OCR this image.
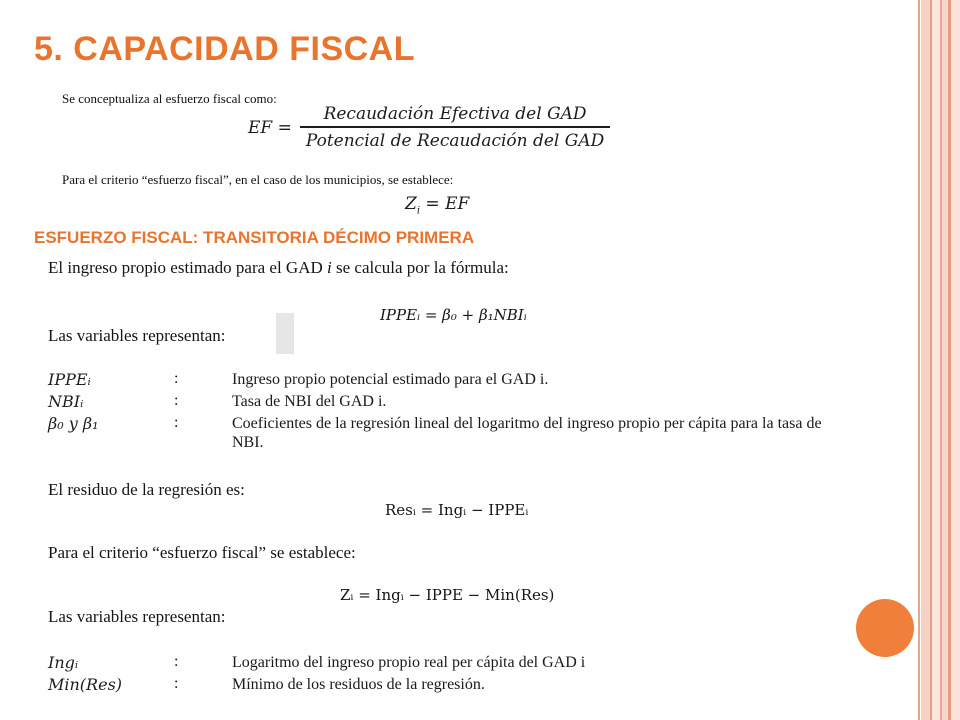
5. CAPACIDAD FISCAL
Se conceptualiza al esfuerzo fiscal como:
EF = $\frac{\text{Recaudación Efectiva del GAD}}{\text{Potencial de Recaudación del GAD}}$
Para el criterio “esfuerzo fiscal”, en el caso de los municipios, se establece:
$Z_i$ = EF
ESFUERZO FISCAL: TRANSITORIA DÉCIMO PRIMERA
El ingreso propio estimado para el GAD i se calcula por la fórmula:
IPPEᵢ = β₀ + β₁NBIᵢ
Las variables representan:
IPPEᵢ	:	Ingreso propio potencial estimado para el GAD i.
NBIᵢ	:	Tasa de NBI del GAD i.
β₀ y β₁	:	Coeficientes de la regresión lineal del logaritmo del ingreso propio per cápita para la tasa de NBI.
El residuo de la regresión es:
Resᵢ = Ingᵢ − IPPEᵢ
Para el criterio “esfuerzo fiscal” se establece:
Zᵢ = Ingᵢ − IPPE − Min(Res)
Las variables representan:
Ingᵢ	:	Logaritmo del ingreso propio real per cápita del GAD i
Min(Res)	:	Mínimo de los residuos de la regresión.
